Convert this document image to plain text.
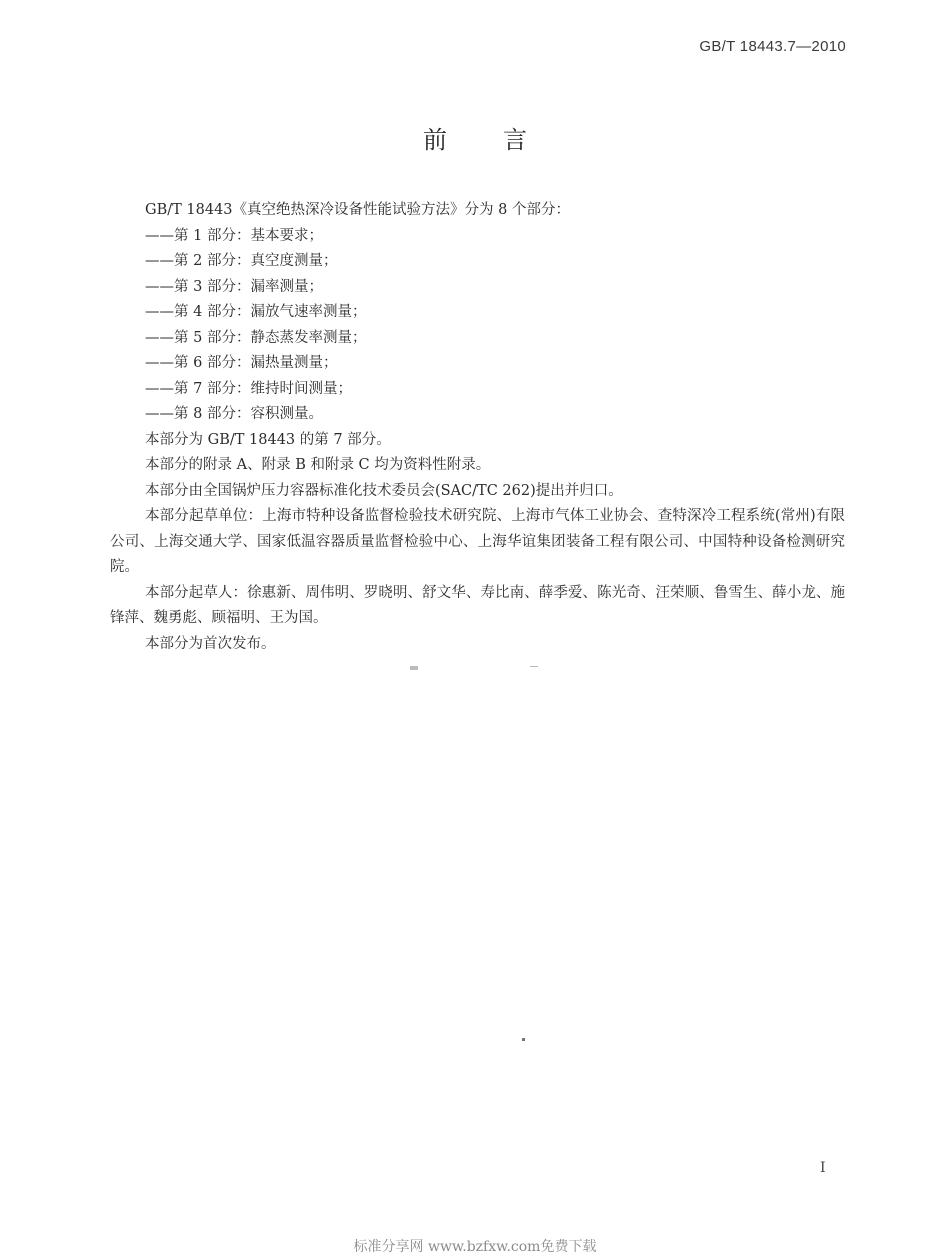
GB/T 18443.7—2010
前言

GB/T 18443《真空绝热深冷设备性能试验方法》分为 8 个部分：

——第 1 部分：基本要求；

——第 2 部分：真空度测量；

——第 3 部分：漏率测量；

——第 4 部分：漏放气速率测量；

——第 5 部分：静态蒸发率测量；

——第 6 部分：漏热量测量；

——第 7 部分：维持时间测量；

——第 8 部分：容积测量。

本部分为 GB/T 18443 的第 7 部分。

本部分的附录 A、附录 B 和附录 C 均为资料性附录。

本部分由全国锅炉压力容器标准化技术委员会(SAC/TC 262)提出并归口。

本部分起草单位：上海市特种设备监督检验技术研究院、上海市气体工业协会、查特深冷工程系统(常州)有限公司、上海交通大学、国家低温容器质量监督检验中心、上海华谊集团装备工程有限公司、中国特种设备检测研究院。

本部分起草人：徐惠新、周伟明、罗晓明、舒文华、寿比南、薛季爱、陈光奇、汪荣顺、鲁雪生、薛小龙、施锋萍、魏勇彪、顾福明、王为国。

本部分为首次发布。

I
标准分享网 www.bzfxw.com免费下载
